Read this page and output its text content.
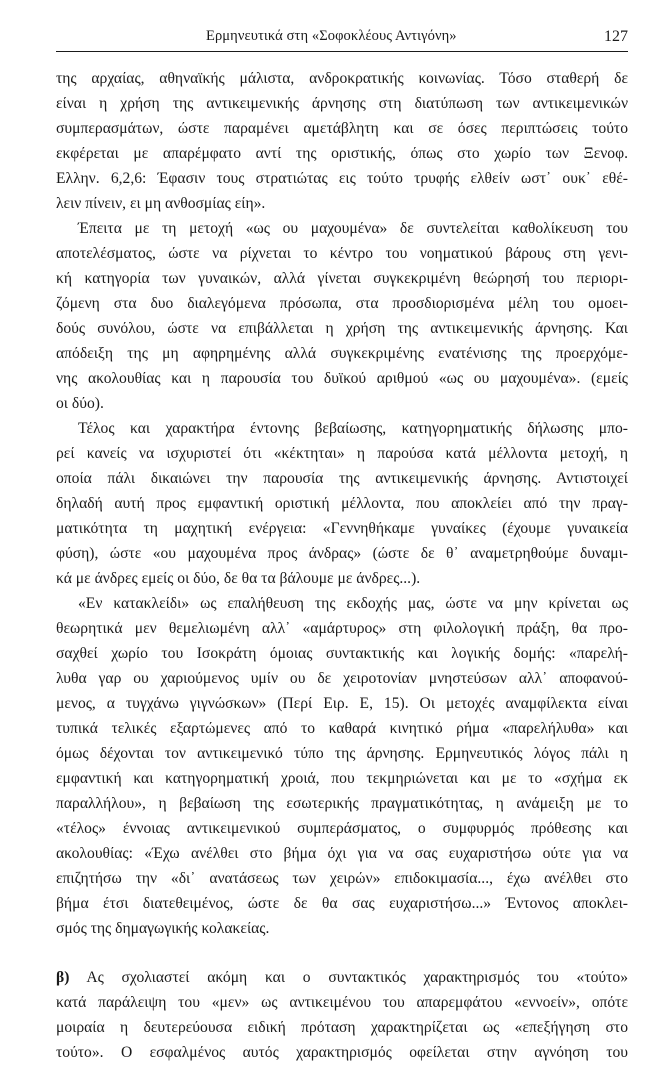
Ερμηνευτικά στη «Σοφοκλέους Αντιγόνη»	127
της αρχαίας, αθηναϊκής μάλιστα, ανδροκρατικής κοινωνίας. Τόσο σταθερή δε
είναι η χρήση της αντικειμενικής άρνησης στη διατύπωση των αντικειμενικών
συμπερασμάτων, ώστε παραμένει αμετάβλητη και σε όσες περιπτώσεις τούτο
εκφέρεται με απαρέμφατο αντί της οριστικής, όπως στο χωρίο των Ξενοφ.
Ελλην. 6,2,6: Έφασιν τους στρατιώτας εις τούτο τρυφής ελθείν ωστ᾽ ουκ᾽ εθέ-
λειν πίνειν, ει μη ανθοσμίας είη».
Έπειτα με τη μετοχή «ως ου μαχουμένα» δε συντελείται καθολίκευση του
αποτελέσματος, ώστε να ρίχνεται το κέντρο του νοηματικού βάρους στη γενι-
κή κατηγορία των γυναικών, αλλά γίνεται συγκεκριμένη θεώρησή του περιορι-
ζόμενη στα δυο διαλεγόμενα πρόσωπα, στα προσδιορισμένα μέλη του ομοει-
δούς συνόλου, ώστε να επιβάλλεται η χρήση της αντικειμενικής άρνησης. Και
απόδειξη της μη αφηρημένης αλλά συγκεκριμένης ενατένισης της προερχόμε-
νης ακολουθίας και η παρουσία του δυϊκού αριθμού «ως ου μαχουμένα». (εμείς
οι δύο).
Τέλος και χαρακτήρα έντονης βεβαίωσης, κατηγορηματικής δήλωσης μπο-
ρεί κανείς να ισχυριστεί ότι «κέκτηται» η παρούσα κατά μέλλοντα μετοχή, η
οποία πάλι δικαιώνει την παρουσία της αντικειμενικής άρνησης. Αντιστοιχεί
δηλαδή αυτή προς εμφαντική οριστική μέλλοντα, που αποκλείει από την πραγ-
ματικότητα τη μαχητική ενέργεια: «Γεννηθήκαμε γυναίκες (έχουμε γυναικεία
φύση), ώστε «ου μαχουμένα προς άνδρας» (ώστε δε θ᾽ αναμετρηθούμε δυναμι-
κά με άνδρες εμείς οι δύο, δε θα τα βάλουμε με άνδρες...).
«Εν κατακλείδι» ως επαλήθευση της εκδοχής μας, ώστε να μην κρίνεται ως
θεωρητικά μεν θεμελιωμένη αλλ᾽ «αμάρτυρος» στη φιλολογική πράξη, θα προ-
σαχθεί χωρίο του Ισοκράτη όμοιας συντακτικής και λογικής δομής: «παρελή-
λυθα γαρ ου χαριούμενος υμίν ου δε χειροτονίαν μνηστεύσων αλλ᾽ αποφανού-
μενος, α τυγχάνω γιγνώσκων» (Περί Ειρ. Ε, 15). Οι μετοχές αναμφίλεκτα είναι
τυπικά τελικές εξαρτώμενες από το καθαρά κινητικό ρήμα «παρελήλυθα» και
όμως δέχονται τον αντικειμενικό τύπο της άρνησης. Ερμηνευτικός λόγος πάλι η
εμφαντική και κατηγορηματική χροιά, που τεκμηριώνεται και με το «σχήμα εκ
παραλλήλου», η βεβαίωση της εσωτερικής πραγματικότητας, η ανάμειξη με το
«τέλος» έννοιας αντικειμενικού συμπεράσματος, ο συμφυρμός πρόθεσης και
ακολουθίας: «Έχω ανέλθει στο βήμα όχι για να σας ευχαριστήσω ούτε για να
επιζητήσω την «δι᾽ ανατάσεως των χειρών» επιδοκιμασία..., έχω ανέλθει στο
βήμα έτσι διατεθειμένος, ώστε δε θα σας ευχαριστήσω...» Έντονος αποκλει-
σμός της δημαγωγικής κολακείας.
β) Ας σχολιαστεί ακόμη και ο συντακτικός χαρακτηρισμός του «τούτο»
κατά παράλειψη του «μεν» ως αντικειμένου του απαρεμφάτου «εννοείν», οπότε
μοιραία η δευτερεύουσα ειδική πρόταση χαρακτηρίζεται ως «επεξήγηση στο
τούτο». Ο εσφαλμένος αυτός χαρακτηρισμός οφείλεται στην αγνόηση του
